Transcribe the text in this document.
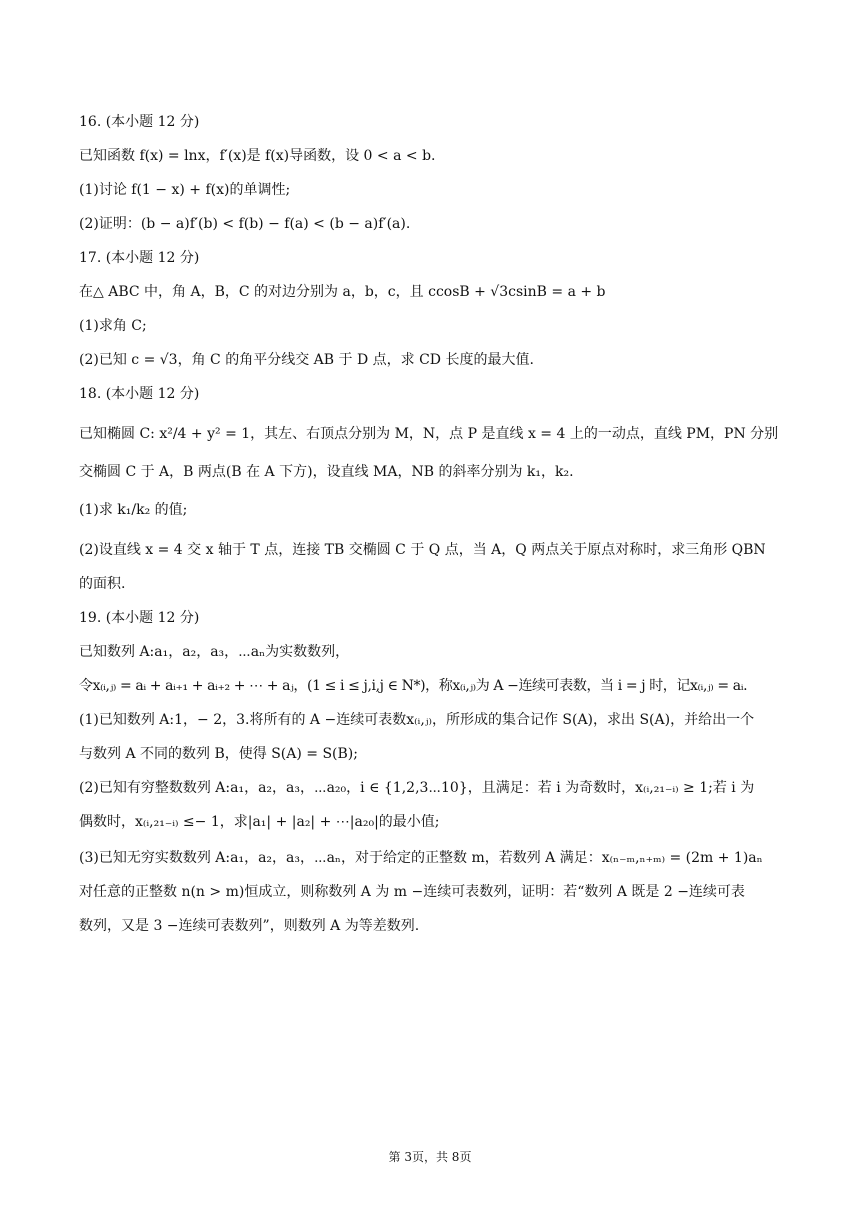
16. (本小题 12 分)
已知函数 f(x) = lnx，f′(x)是 f(x)导函数，设 0 < a < b.
(1)讨论 f(1 − x) + f(x)的单调性;
(2)证明：(b − a)f′(b) < f(b) − f(a) < (b − a)f′(a).
17. (本小题 12 分)
在△ ABC 中，角 A，B，C 的对边分别为 a，b，c，且 ccosB + √3csinB = a + b
(1)求角 C;
(2)已知 c = √3，角 C 的角平分线交 AB 于 D 点，求 CD 长度的最大值.
18. (本小题 12 分)
已知椭圆 C: x²/4 + y² = 1，其左、右顶点分别为 M，N，点 P 是直线 x = 4 上的一动点，直线 PM，PN 分别
交椭圆 C 于 A，B 两点(B 在 A 下方)，设直线 MA，NB 的斜率分别为 k₁，k₂.
(1)求 k₁/k₂ 的值;
(2)设直线 x = 4 交 x 轴于 T 点，连接 TB 交椭圆 C 于 Q 点，当 A，Q 两点关于原点对称时，求三角形 QBN
的面积.
19. (本小题 12 分)
已知数列 A:a₁，a₂，a₃，⋯aₙ为实数数列，
令x₍ᵢ,ⱼ₎ = aᵢ + aᵢ₊₁ + aᵢ₊₂ + ⋯ + aⱼ，(1 ≤ i ≤ j,i,j ∈ N*)，称x₍ᵢ,ⱼ₎为 A −连续可表数，当 i = j 时，记x₍ᵢ,ⱼ₎ = aᵢ.
(1)已知数列 A:1，− 2，3.将所有的 A −连续可表数x₍ᵢ,ⱼ₎，所形成的集合记作 S(A)，求出 S(A)，并给出一个
与数列 A 不同的数列 B，使得 S(A) = S(B);
(2)已知有穷整数数列 A:a₁，a₂，a₃，⋯a₂₀，i ∈ {1,2,3⋯10}，且满足：若 i 为奇数时，x₍ᵢ,₂₁₋ᵢ₎ ≥ 1;若 i 为
偶数时，x₍ᵢ,₂₁₋ᵢ₎ ≤− 1，求|a₁| + |a₂| + ⋯|a₂₀|的最小值;
(3)已知无穷实数数列 A:a₁，a₂，a₃，⋯aₙ，对于给定的正整数 m，若数列 A 满足：x₍ₙ₋ₘ,ₙ₊ₘ₎ = (2m + 1)aₙ
对任意的正整数 n(n > m)恒成立，则称数列 A 为 m −连续可表数列，证明：若“数列 A 既是 2 −连续可表
数列，又是 3 −连续可表数列”，则数列 A 为等差数列.
第 3页，共 8页
